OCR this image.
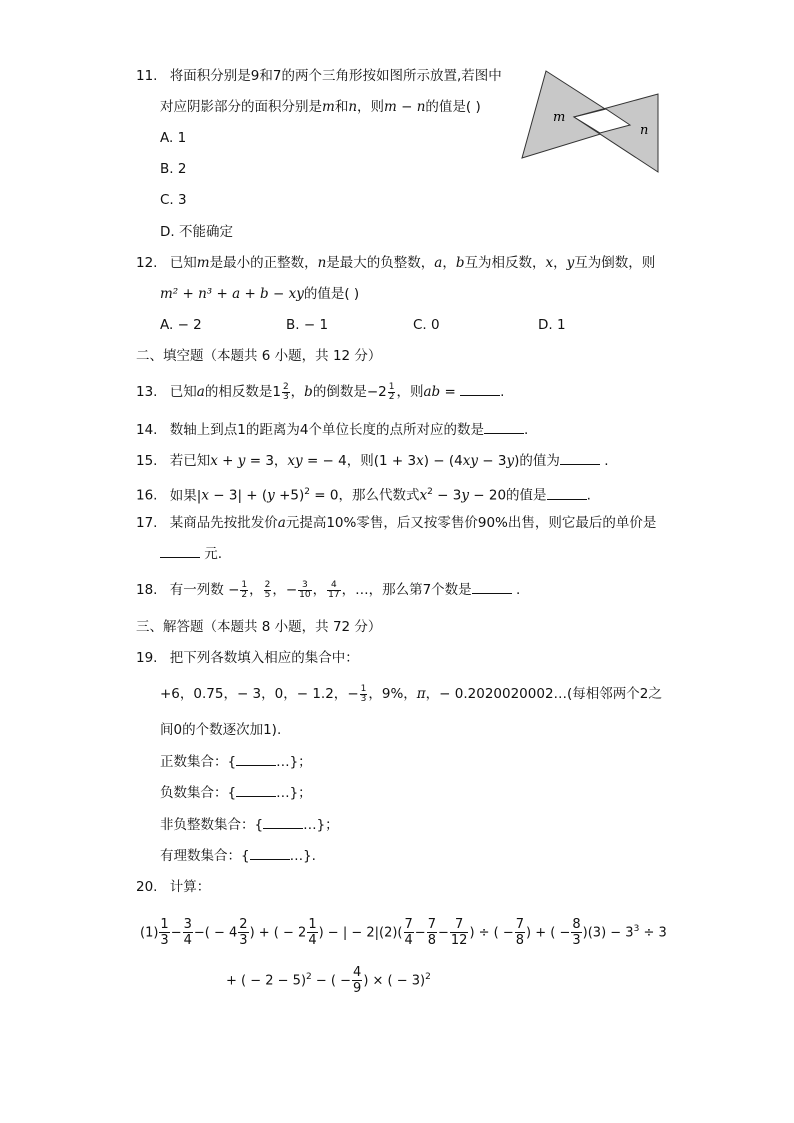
11. 将面积分别是9和7的两个三角形按如图所示放置,若图中
对应阴影部分的面积分别是m和n，则m − n的值是( )
A. 1
B. 2
C. 3
D. 不能确定
m
n
12. 已知m是最小的正整数，n是最大的负整数，a，b互为相反数，x，y互为倒数，则
m² + n³ + a + b − xy的值是( )
A. − 2	B. − 1	C. 0	D. 1
二、填空题（本题共 6 小题，共 12 分）
13. 已知a的相反数是 $1 \frac{2}{3}$ ，b的倒数是− $2 \frac{1}{2}$ ，则ab =	.
14. 数轴上到点1的距离为4个单位长度的点所对应的数是	.
15. 若已知x + y = 3，xy = − 4，则(1 + 3x) − (4xy − 3y)的值为	.
16. 如果$|x - 3| + (y +5)^2 = 0$，那么代数式$x^2 - 3y - 20$的值是	.
17. 某商品先按批发价a元提高10%零售，后又按零售价90%出售，则它最后的单价是
元.
18. 有一列数 − $\frac{1}{2}$ ， $\frac{2}{5}$ ，− $\frac{3}{10}$ ， $\frac{4}{17}$ ，…，那么第7个数是	.
三、解答题（本题共 8 小题，共 72 分）
19. 把下列各数填入相应的集合中：
+6，0.75，− 3，0，− 1.2，− $\frac{1}{3}$ ，9%，π，− 0.2020020002…(每相邻两个2之
间0的个数逐次加1).
正数集合：{	…}；
负数集合：{	…}；
非负整数集合：{	…}；
有理数集合：{	…}.
20. 计算：
$(1) \frac{1}{3} - \frac{3}{4}$ −( − $4 \frac{2}{3}$ ) + ( − $2 \frac{1}{4}$ ) − | − $2|(2)( \frac{7}{4} - \frac{7}{8} - \frac{7}{12}$ ) ÷ ( − $\frac{7}{8}$ ) + ( − $\frac{8}{3} )(3) - 3^3 \div 3$
+ ( − 2 − 5)$^2$ − ( − $\frac{4}{9}$ ) × ( − 3)$^2$
